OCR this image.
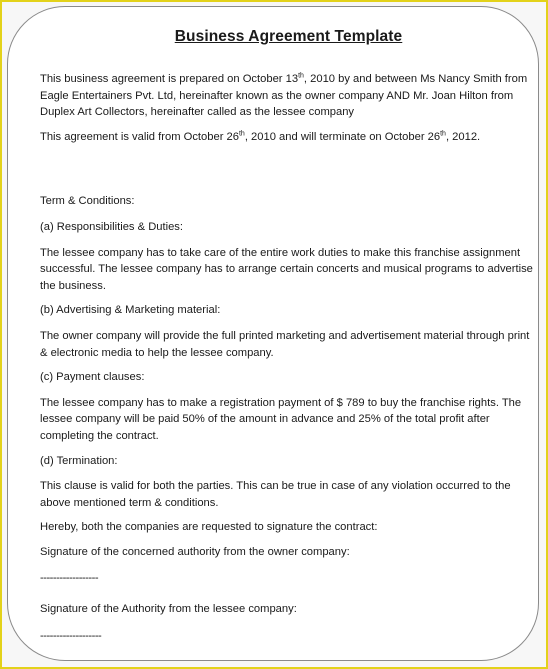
Business Agreement Template

This business agreement is prepared on October 13th, 2010 by and between Ms Nancy Smith from Eagle Entertainers Pvt. Ltd, hereinafter known as the owner company AND Mr. Joan Hilton from Duplex Art Collectors, hereinafter called as the lessee company

This agreement is valid from October 26th, 2010 and will terminate on October 26th, 2012.

Term & Conditions:

(a) Responsibilities & Duties:

The lessee company has to take care of the entire work duties to make this franchise assignment successful. The lessee company has to arrange certain concerts and musical programs to advertise the business.

(b) Advertising & Marketing material:

The owner company will provide the full printed marketing and advertisement material through print & electronic media to help the lessee company.

(c) Payment clauses:

The lessee company has to make a registration payment of $ 789 to buy the franchise rights. The lessee company will be paid 50% of the amount in advance and 25% of the total profit after completing the contract.

(d) Termination:

This clause is valid for both the parties. This can be true in case of any violation occurred to the above mentioned term & conditions.

Hereby, both the companies are requested to signature the contract:

Signature of the concerned authority from the owner company:

------------------

Signature of the Authority from the lessee company:

-------------------
